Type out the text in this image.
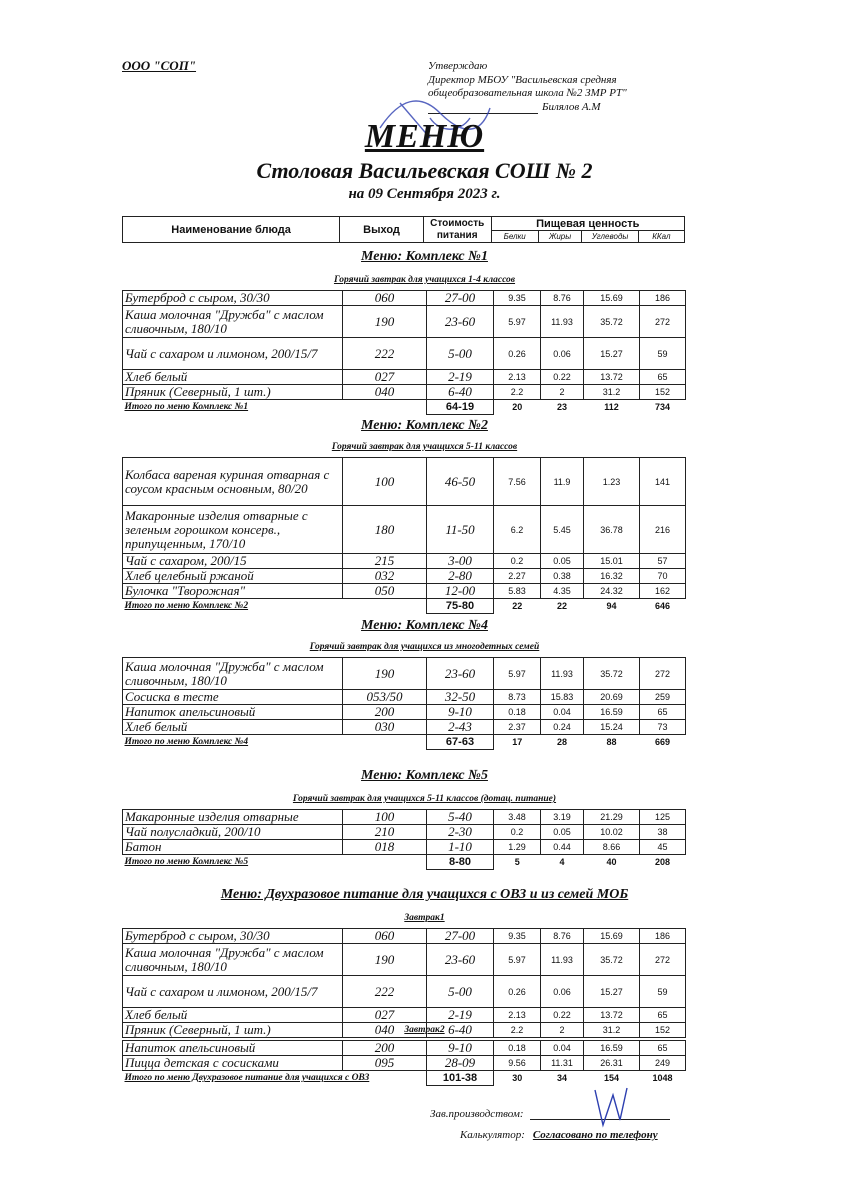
ООО "СОП"	Утверждаю
Директор МБОУ "Васильевская средняя
общеобразовательная школа №2 ЗМР РТ"
Билялов А.М
МЕНЮ
Столовая Васильевская СОШ № 2
на 09 Сентября 2023 г.
Наименование блюда	Выход	Стоимость питания	Пищевая ценность			
			Белки	Жиры	Углеводы	ККал
Меню: Комплекс №1
Горячий завтрак для учащихся 1-4 классов
Бутерброд с сыром, 30/30	060	27-00	9.35	8.76	15.69	186
Каша молочная "Дружба" с маслом сливочным, 180/10	190	23-60	5.97	11.93	35.72	272
Чай с сахаром и лимоном, 200/15/7	222	5-00	0.26	0.06	15.27	59
Хлеб белый	027	2-19	2.13	0.22	13.72	65
Пряник (Северный, 1 шт.)	040	6-40	2.2	2	31.2	152
Итого по меню Комплекс №1		64-19	20	23	112	734
Меню: Комплекс №2
Горячий завтрак для учащихся 5-11 классов
Колбаса вареная куриная отварная с соусом красным основным, 80/20	100	46-50	7.56	11.9	1.23	141
Макаронные изделия отварные с зеленым горошком консерв., припущенным, 170/10	180	11-50	6.2	5.45	36.78	216
Чай с сахаром, 200/15	215	3-00	0.2	0.05	15.01	57
Хлеб целебный ржаной	032	2-80	2.27	0.38	16.32	70
Булочка "Творожная"	050	12-00	5.83	4.35	24.32	162
Итого по меню Комплекс №2		75-80	22	22	94	646
Меню: Комплекс №4
Горячий завтрак для учащихся из многодетных семей
Каша молочная "Дружба" с маслом сливочным, 180/10	190	23-60	5.97	11.93	35.72	272
Сосиска в тесте	053/50	32-50	8.73	15.83	20.69	259
Напиток апельсиновый	200	9-10	0.18	0.04	16.59	65
Хлеб белый	030	2-43	2.37	0.24	15.24	73
Итого по меню Комплекс №4		67-63	17	28	88	669
Меню: Комплекс №5
Горячий завтрак для учащихся 5-11 классов (дотац. питание)
Макаронные изделия отварные	100	5-40	3.48	3.19	21.29	125
Чай полусладкий, 200/10	210	2-30	0.2	0.05	10.02	38
Батон	018	1-10	1.29	0.44	8.66	45
Итого по меню Комплекс №5		8-80	5	4	40	208
Меню: Двухразовое питание для учащихся с ОВЗ и из семей МОБ
Завтрак1
Бутерброд с сыром, 30/30	060	27-00	9.35	8.76	15.69	186
Каша молочная "Дружба" с маслом сливочным, 180/10	190	23-60	5.97	11.93	35.72	272
Чай с сахаром и лимоном, 200/15/7	222	5-00	0.26	0.06	15.27	59
Хлеб белый	027	2-19	2.13	0.22	13.72	65
Пряник (Северный, 1 шт.)	040	6-40	2.2	2	31.2	152
Завтрак2
Напиток апельсиновый	200	9-10	0.18	0.04	16.59	65
Пицца детская с сосисками	095	28-09	9.56	11.31	26.31	249
Итого по меню Двухразовое питание для учащихся с ОВЗ		101-38	30	34	154	1048
Зав.производством:
Калькулятор: Согласовано по телефону
